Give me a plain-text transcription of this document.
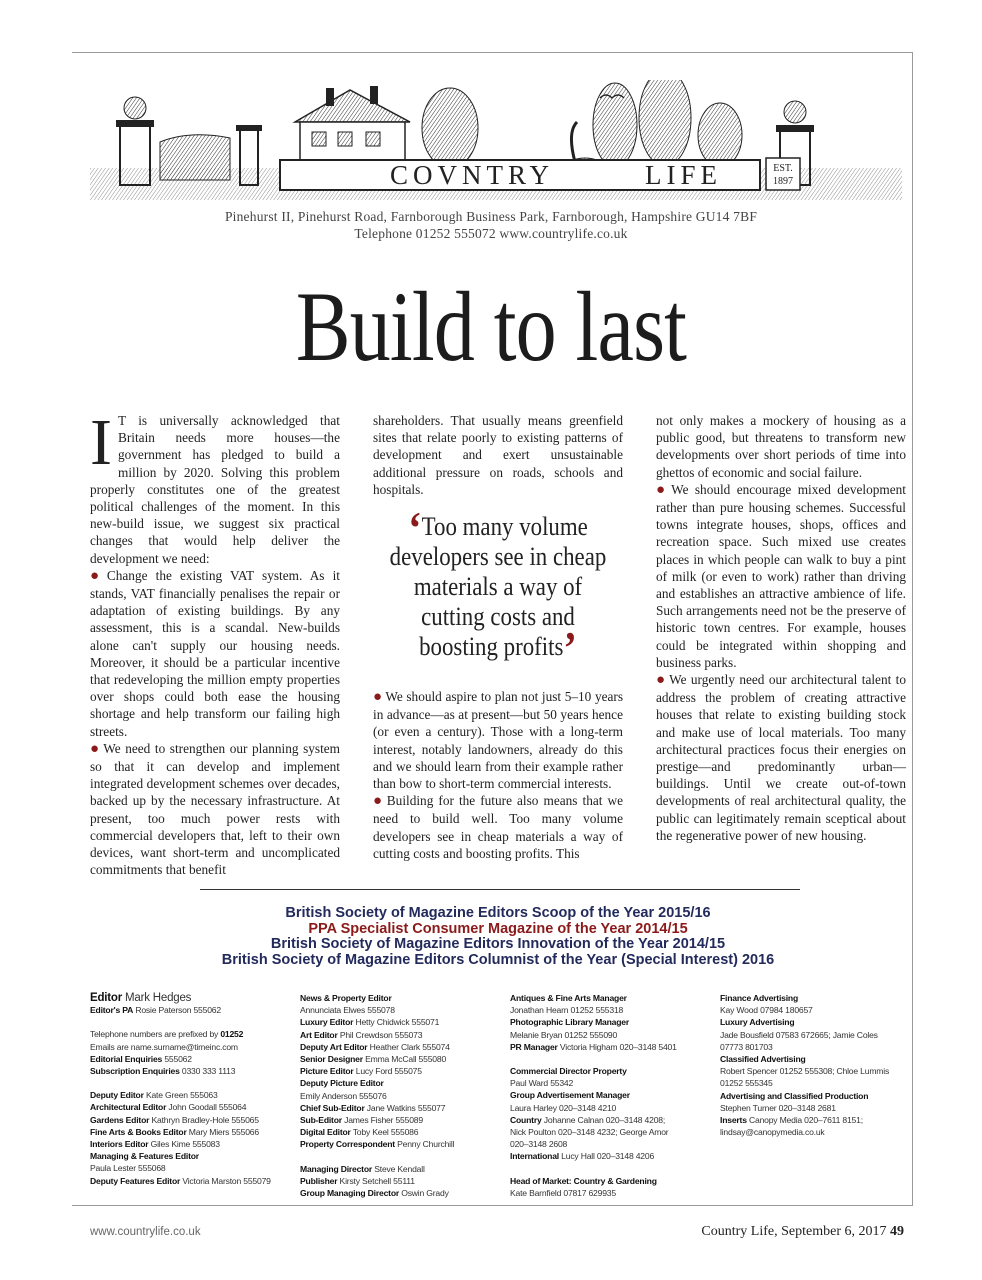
COVNTRY	LIFE	EST.
1897
Pinehurst II, Pinehurst Road, Farnborough Business Park, Farnborough, Hampshire GU14 7BF
Telephone 01252 555072 www.countrylife.co.uk
Build to last

I T is universally acknowledged that Britain needs more houses—the government has pledged to build a million by 2020. Solving this problem properly constitutes one of the greatest political challenges of the moment. In this new-build issue, we suggest six practical changes that would help deliver the development we need:

● Change the existing VAT system. As it stands, VAT financially penalises the repair or adaptation of existing buildings. By any assessment, this is a scandal. New-builds alone can't supply our housing needs. Moreover, it should be a particular incentive that redeveloping the million empty properties over shops could both ease the housing shortage and help transform our failing high streets.

● We need to strengthen our planning system so that it can develop and implement integrated development schemes over decades, backed up by the necessary infrastructure. At present, too much power rests with commercial developers that, left to their own devices, want short-term and uncomplicated commitments that benefit

shareholders. That usually means greenfield sites that relate poorly to existing patterns of development and exert unsustainable additional pressure on roads, schools and hospitals.

‘Too many volume developers see in cheap materials a way of cutting costs and boosting profits’

● We should aspire to plan not just 5–10 years in advance—as at present—but 50 years hence (or even a century). Those with a long-term interest, notably landowners, already do this and we should learn from their example rather than bow to short-term commercial interests.

● Building for the future also means that we need to build well. Too many volume developers see in cheap materials a way of cutting costs and boosting profits. This

not only makes a mockery of housing as a public good, but threatens to transform new developments over short periods of time into ghettos of economic and social failure.

● We should encourage mixed development rather than pure housing schemes. Successful towns integrate houses, shops, offices and recreation space. Such mixed use creates places in which people can walk to buy a pint of milk (or even to work) rather than driving and establishes an attractive ambience of life. Such arrangements need not be the preserve of historic town centres. For example, houses could be integrated within shopping and business parks.

● We urgently need our architectural talent to address the problem of creating attractive houses that relate to existing building stock and make use of local materials. Too many architectural practices focus their energies on prestige—and predominantly urban—buildings. Until we create out-of-town developments of real architectural quality, the public can legitimately remain sceptical about the regenerative power of new housing.

British Society of Magazine Editors Scoop of the Year 2015/16
PPA Specialist Consumer Magazine of the Year 2014/15
British Society of Magazine Editors Innovation of the Year 2014/15
British Society of Magazine Editors Columnist of the Year (Special Interest) 2016
Editor Mark Hedges
Editor's PA Rosie Paterson 555062
Telephone numbers are prefixed by 01252
Emails are name.surname@timeinc.com
Editorial Enquiries 555062
Subscription Enquiries 0330 333 1113
Deputy Editor Kate Green 555063
Architectural Editor John Goodall 555064
Gardens Editor Kathryn Bradley-Hole 555065
Fine Arts & Books Editor Mary Miers 555066
Interiors Editor Giles Kime 555083
Managing & Features Editor
Paula Lester 555068
Deputy Features Editor Victoria Marston 555079
News & Property Editor
Annunciata Elwes 555078
Luxury Editor Hetty Chidwick 555071
Art Editor Phil Crewdson 555073
Deputy Art Editor Heather Clark 555074
Senior Designer Emma McCall 555080
Picture Editor Lucy Ford 555075
Deputy Picture Editor
Emily Anderson 555076
Chief Sub-Editor Jane Watkins 555077
Sub-Editor James Fisher 555089
Digital Editor Toby Keel 555086
Property Correspondent Penny Churchill
Managing Director Steve Kendall
Publisher Kirsty Setchell 55111
Group Managing Director Oswin Grady
Antiques & Fine Arts Manager
Jonathan Hearn 01252 555318
Photographic Library Manager
Melanie Bryan 01252 555090
PR Manager Victoria Higham 020–3148 5401
Commercial Director Property
Paul Ward 55342
Group Advertisement Manager
Laura Harley 020–3148 4210
Country Johanne Calnan 020–3148 4208;
Nick Poulton 020–3148 4232; George Amor
020–3148 2608
International Lucy Hall 020–3148 4206
Head of Market: Country & Gardening
Kate Barnfield 07817 629935
Finance Advertising
Kay Wood 07984 180657
Luxury Advertising
Jade Bousfield 07583 672665; Jamie Coles
07773 801703
Classified Advertising
Robert Spencer 01252 555308; Chloe Lummis
01252 555345
Advertising and Classified Production
Stephen Turner 020–3148 2681
Inserts Canopy Media 020–7611 8151;
lindsay@canopymedia.co.uk
www.countrylife.co.uk	Country Life, September 6, 2017 49
